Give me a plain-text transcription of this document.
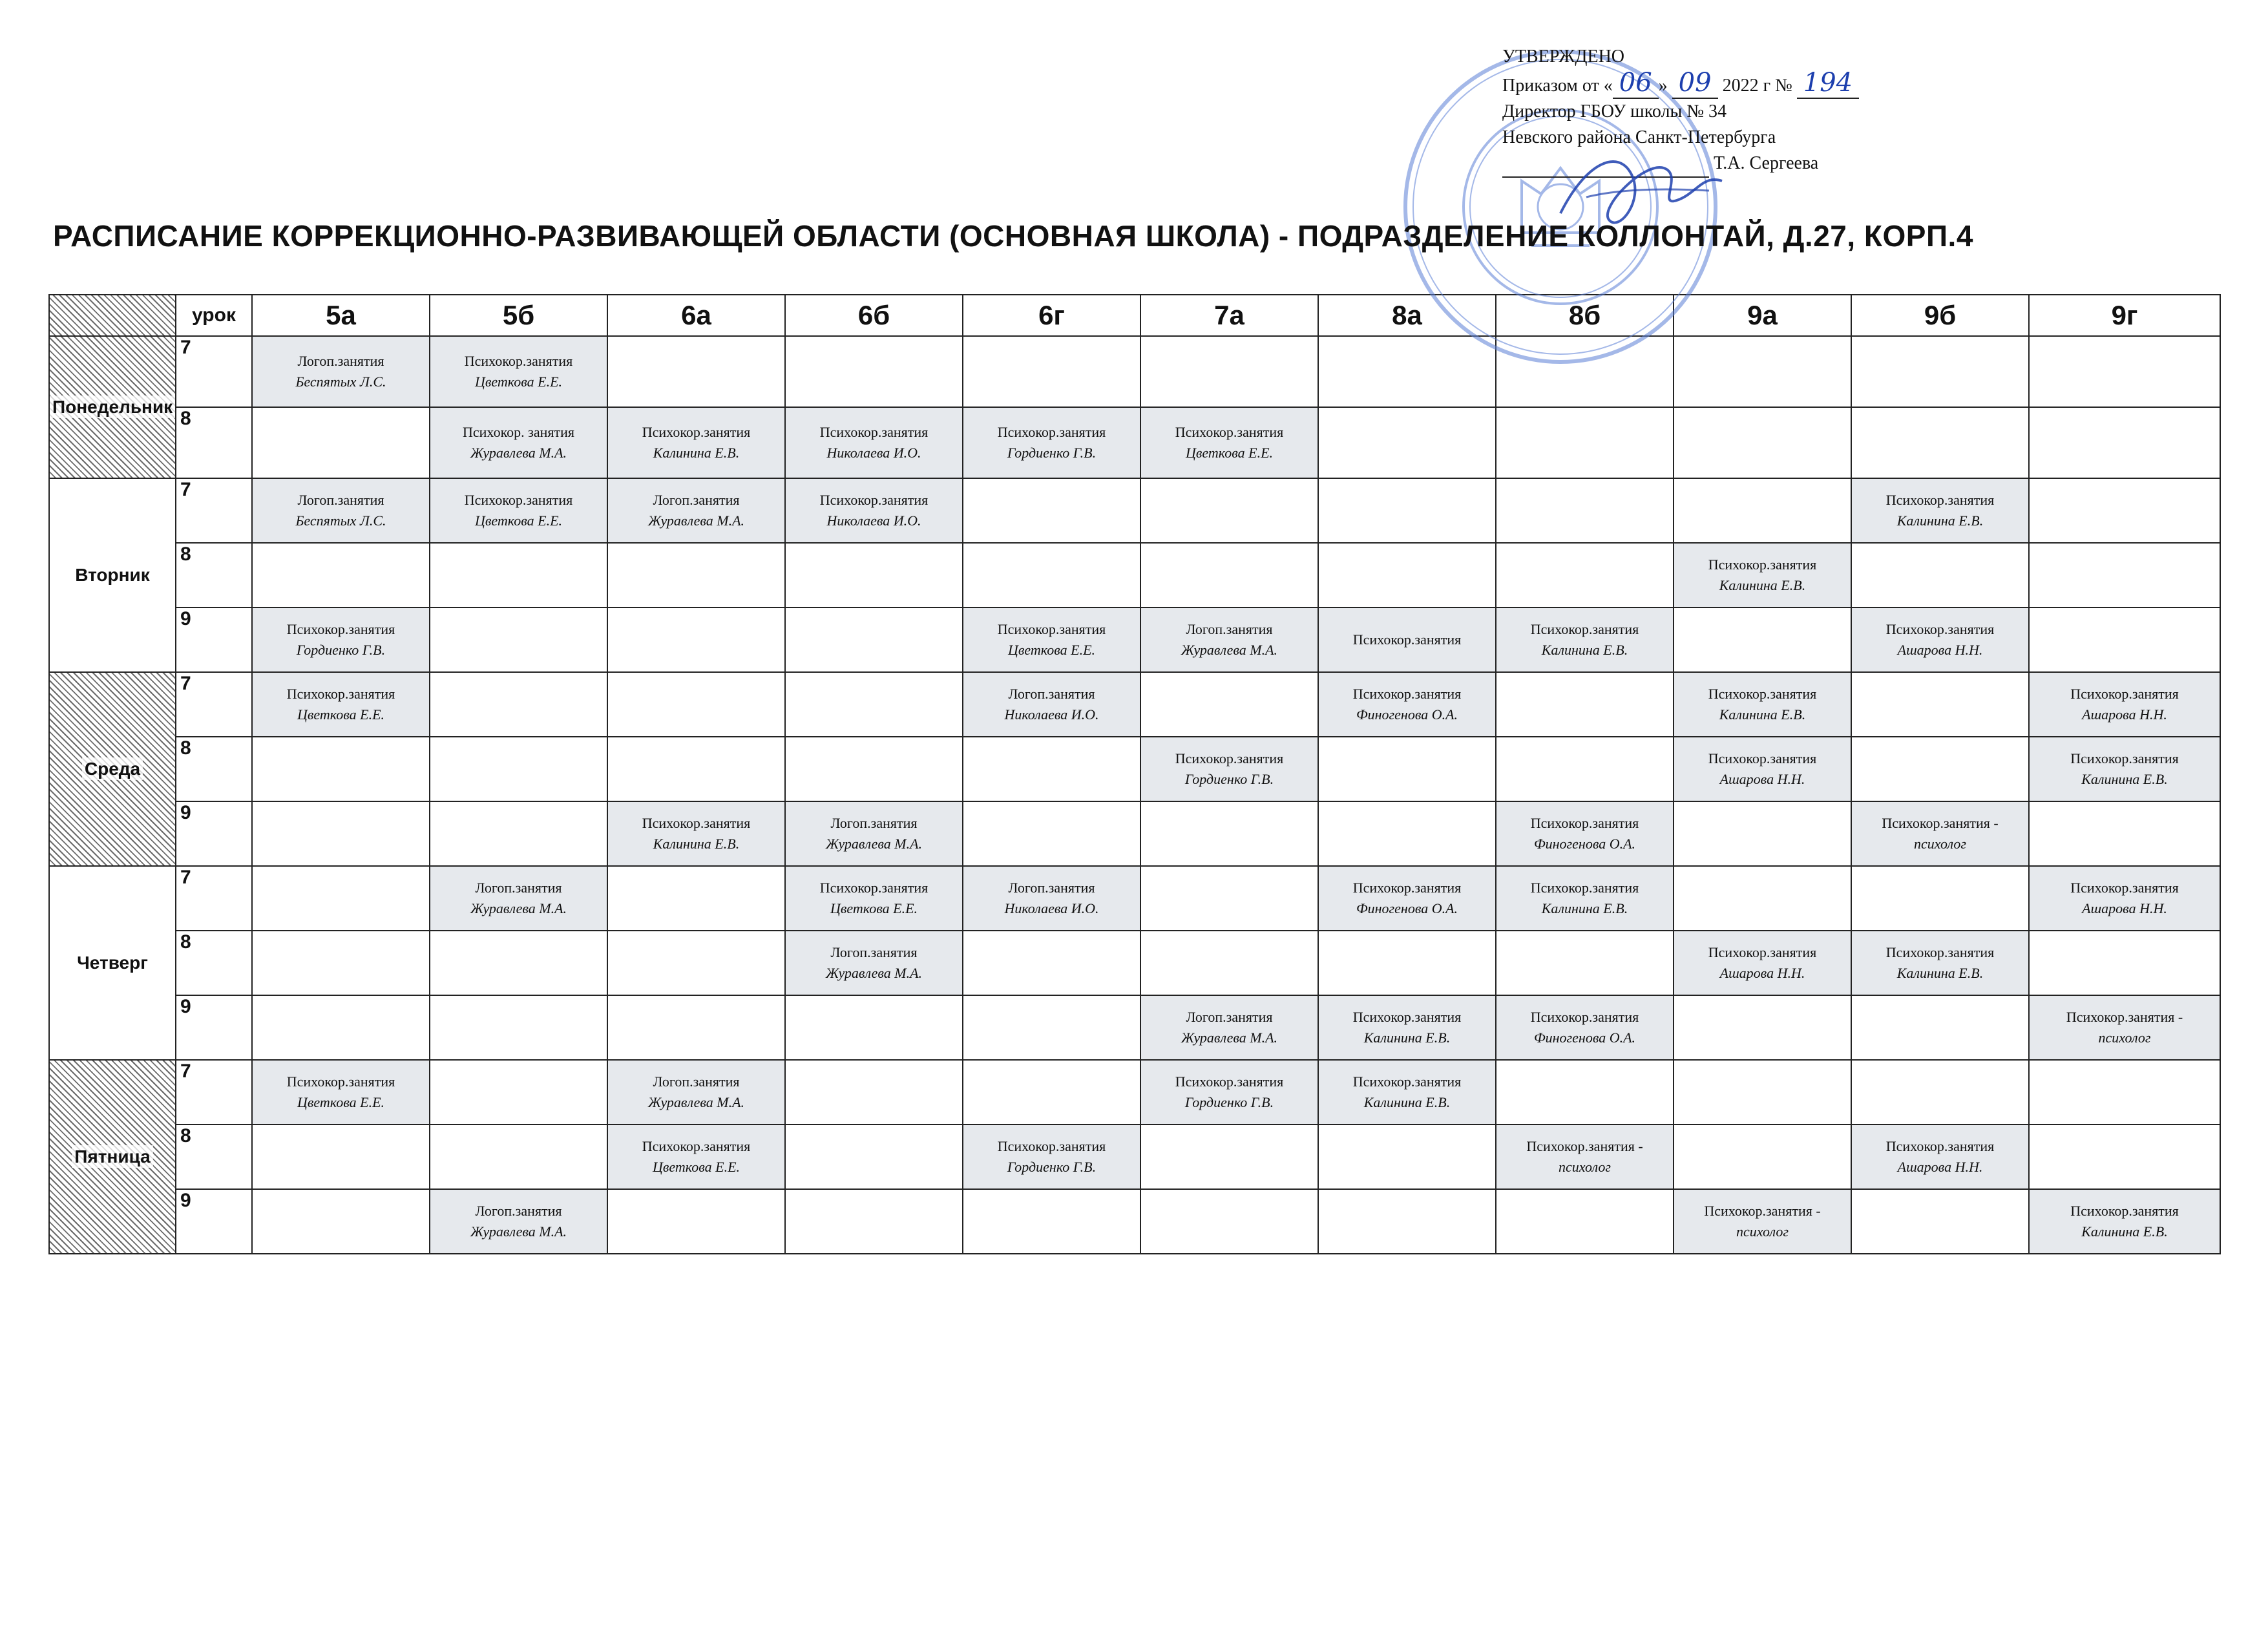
УТВЕРЖДЕНО
Приказом от « 06 » 09 2022 г № 194
Директор ГБОУ школы № 34
Невского района Санкт-Петербурга
Т.А. Сергеева
РАСПИСАНИЕ КОРРЕКЦИОННО-РАЗВИВАЮЩЕЙ ОБЛАСТИ (ОСНОВНАЯ ШКОЛА) - ПОДРАЗДЕЛЕНИЕ КОЛЛОНТАЙ, Д.27, КОРП.4
	урок	5а	5б	6а	6б	6г	7а	8а	8б	9а	9б	9г
Понедельник	7	Логоп.занятия
Беспятых Л.С.	Психокор.занятия
Цветкова Е.Е.									

	8		Психокор. занятия
Журавлева М.А.	Психокор.занятия
Калинина Е.В.	Психокор.занятия
Николаева И.О.	Психокор.занятия
Гордиенко Г.В.	Психокор.занятия
Цветкова Е.Е.					

Вторник	7	Логоп.занятия
Беспятых Л.С.	Психокор.занятия
Цветкова Е.Е.	Логоп.занятия
Журавлева М.А.	Психокор.занятия
Николаева И.О.						Психокор.занятия
Калинина Е.В.	

	8									Психокор.занятия
Калинина Е.В.		

	9	Психокор.занятия
Гордиенко Г.В.				Психокор.занятия
Цветкова Е.Е.	Логоп.занятия
Журавлева М.А.	Психокор.занятия	Психокор.занятия
Калинина Е.В.		Психокор.занятия
Ашарова Н.Н.	

Среда	7	Психокор.занятия
Цветкова Е.Е.				Логоп.занятия
Николаева И.О.		Психокор.занятия
Финогенова О.А.		Психокор.занятия
Калинина Е.В.		Психокор.занятия
Ашарова Н.Н.

	8						Психокор.занятия
Гордиенко Г.В.			Психокор.занятия
Ашарова Н.Н.		Психокор.занятия
Калинина Е.В.

	9			Психокор.занятия
Калинина Е.В.	Логоп.занятия
Журавлева М.А.				Психокор.занятия
Финогенова О.А.		Психокор.занятия -
психолог	

Четверг	7		Логоп.занятия
Журавлева М.А.		Психокор.занятия
Цветкова Е.Е.	Логоп.занятия
Николаева И.О.		Психокор.занятия
Финогенова О.А.	Психокор.занятия
Калинина Е.В.			Психокор.занятия
Ашарова Н.Н.

	8				Логоп.занятия
Журавлева М.А.					Психокор.занятия
Ашарова Н.Н.	Психокор.занятия
Калинина Е.В.	

	9						Логоп.занятия
Журавлева М.А.	Психокор.занятия
Калинина Е.В.	Психокор.занятия
Финогенова О.А.			Психокор.занятия -
психолог

Пятница	7	Психокор.занятия
Цветкова Е.Е.		Логоп.занятия
Журавлева М.А.			Психокор.занятия
Гордиенко Г.В.	Психокор.занятия
Калинина Е.В.				

	8			Психокор.занятия
Цветкова Е.Е.		Психокор.занятия
Гордиенко Г.В.			Психокор.занятия -
психолог		Психокор.занятия
Ашарова Н.Н.	

	9		Логоп.занятия
Журавлева М.А.							Психокор.занятия -
психолог		Психокор.занятия
Калинина Е.В.
